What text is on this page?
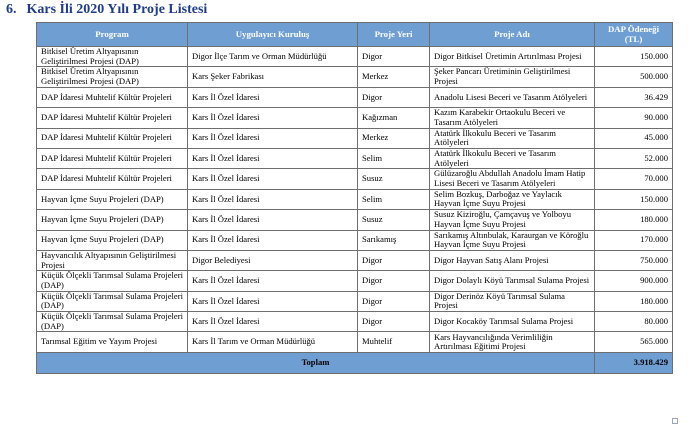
6. Kars İli 2020 Yılı Proje Listesi
Program	Uygulayıcı Kuruluş	Proje Yeri	Proje Adı	DAP Ödeneği (TL)
Bitkisel Üretim Altyapısının Geliştirilmesi Projesi (DAP)	Digor İlçe Tarım ve Orman Müdürlüğü	Digor	Digor Bitkisel Üretimin Artırılması Projesi	150.000
Bitkisel Üretim Altyapısının Geliştirilmesi Projesi (DAP)	Kars Şeker Fabrikası	Merkez	Şeker Pancarı Üretiminin Geliştirilmesi Projesi	500.000
DAP İdaresi Muhtelif Kültür Projeleri	Kars İl Özel İdaresi	Digor	Anadolu Lisesi Beceri ve Tasarım Atölyeleri	36.429
DAP İdaresi Muhtelif Kültür Projeleri	Kars İl Özel İdaresi	Kağızman	Kazım Karabekir Ortaokulu Beceri ve Tasarım Atölyeleri	90.000
DAP İdaresi Muhtelif Kültür Projeleri	Kars İl Özel İdaresi	Merkez	Atatürk İlkokulu Beceri ve Tasarım Atölyeleri	45.000
DAP İdaresi Muhtelif Kültür Projeleri	Kars İl Özel İdaresi	Selim	Atatürk İlkokulu Beceri ve Tasarım Atölyeleri	52.000
DAP İdaresi Muhtelif Kültür Projeleri	Kars İl Özel İdaresi	Susuz	Gülüzaroğlu Abdullah Anadolu İmam Hatip Lisesi Beceri ve Tasarım Atölyeleri	70.000
Hayvan İçme Suyu Projeleri (DAP)	Kars İl Özel İdaresi	Selim	Selim Bozkuş, Darboğaz ve Yaylacık Hayvan İçme Suyu Projesi	150.000
Hayvan İçme Suyu Projeleri (DAP)	Kars İl Özel İdaresi	Susuz	Susuz Kiziroğlu, Çamçavuş ve Yolboyu Hayvan İçme Suyu Projesi	180.000
Hayvan İçme Suyu Projeleri (DAP)	Kars İl Özel İdaresi	Sarıkamış	Sarıkamış Altınbulak, Karaurgan ve Köroğlu Hayvan İçme Suyu Projesi	170.000
Hayvancılık Altyapısının Geliştirilmesi Projesi	Digor Belediyesi	Digor	Digor Hayvan Satış Alanı Projesi	750.000
Küçük Ölçekli Tarımsal Sulama Projeleri (DAP)	Kars İl Özel İdaresi	Digor	Digor Dolaylı Köyü Tarımsal Sulama Projesi	900.000
Küçük Ölçekli Tarımsal Sulama Projeleri (DAP)	Kars İl Özel İdaresi	Digor	Digor Derinöz Köyü Tarımsal Sulama Projesi	180.000
Küçük Ölçekli Tarımsal Sulama Projeleri (DAP)	Kars İl Özel İdaresi	Digor	Digor Kocaköy Tarımsal Sulama Projesi	80.000
Tarımsal Eğitim ve Yayım Projesi	Kars İl Tarım ve Orman Müdürlüğü	Muhtelif	Kars Hayvancılığında Verimliliğin Artırılması Eğitimi Projesi	565.000
Toplam				3.918.429
